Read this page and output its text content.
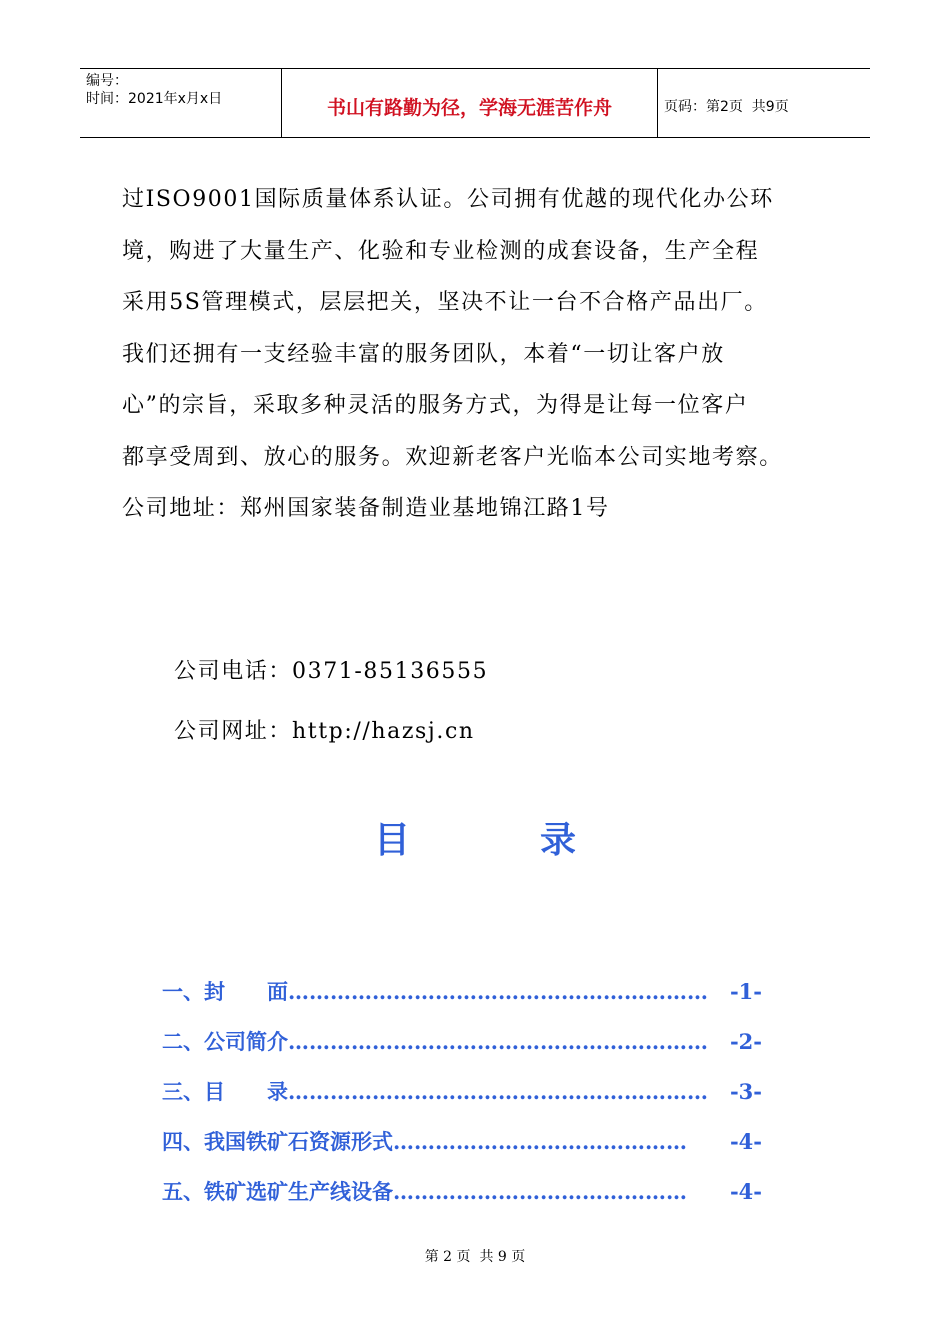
编号：
时间：2021年x月x日	书山有路勤为径，学海无涯苦作舟	页码：第2页  共9页
过ISO9001国际质量体系认证。公司拥有优越的现代化办公环
境，购进了大量生产、化验和专业检测的成套设备，生产全程
采用5S管理模式，层层把关，坚决不让一台不合格产品出厂。
我们还拥有一支经验丰富的服务团队，本着“一切让客户放
心”的宗旨，采取多种灵活的服务方式，为得是让每一位客户
都享受周到、放心的服务。欢迎新老客户光临本公司实地考察。
公司地址：郑州国家装备制造业基地锦江路1号
公司电话：0371-85136555
公司网址：http://hazsj.cn
目	录
一、封　　面 ……………………………………………………	-1-
二、公司简介 ……………………………………………………	-2-
三、目　　录 ……………………………………………………	-3-
四、我国铁矿石资源形式 ……………………………………	-4-
五、铁矿选矿生产线设备 ……………………………………	-4-
第 2 页  共 9 页
